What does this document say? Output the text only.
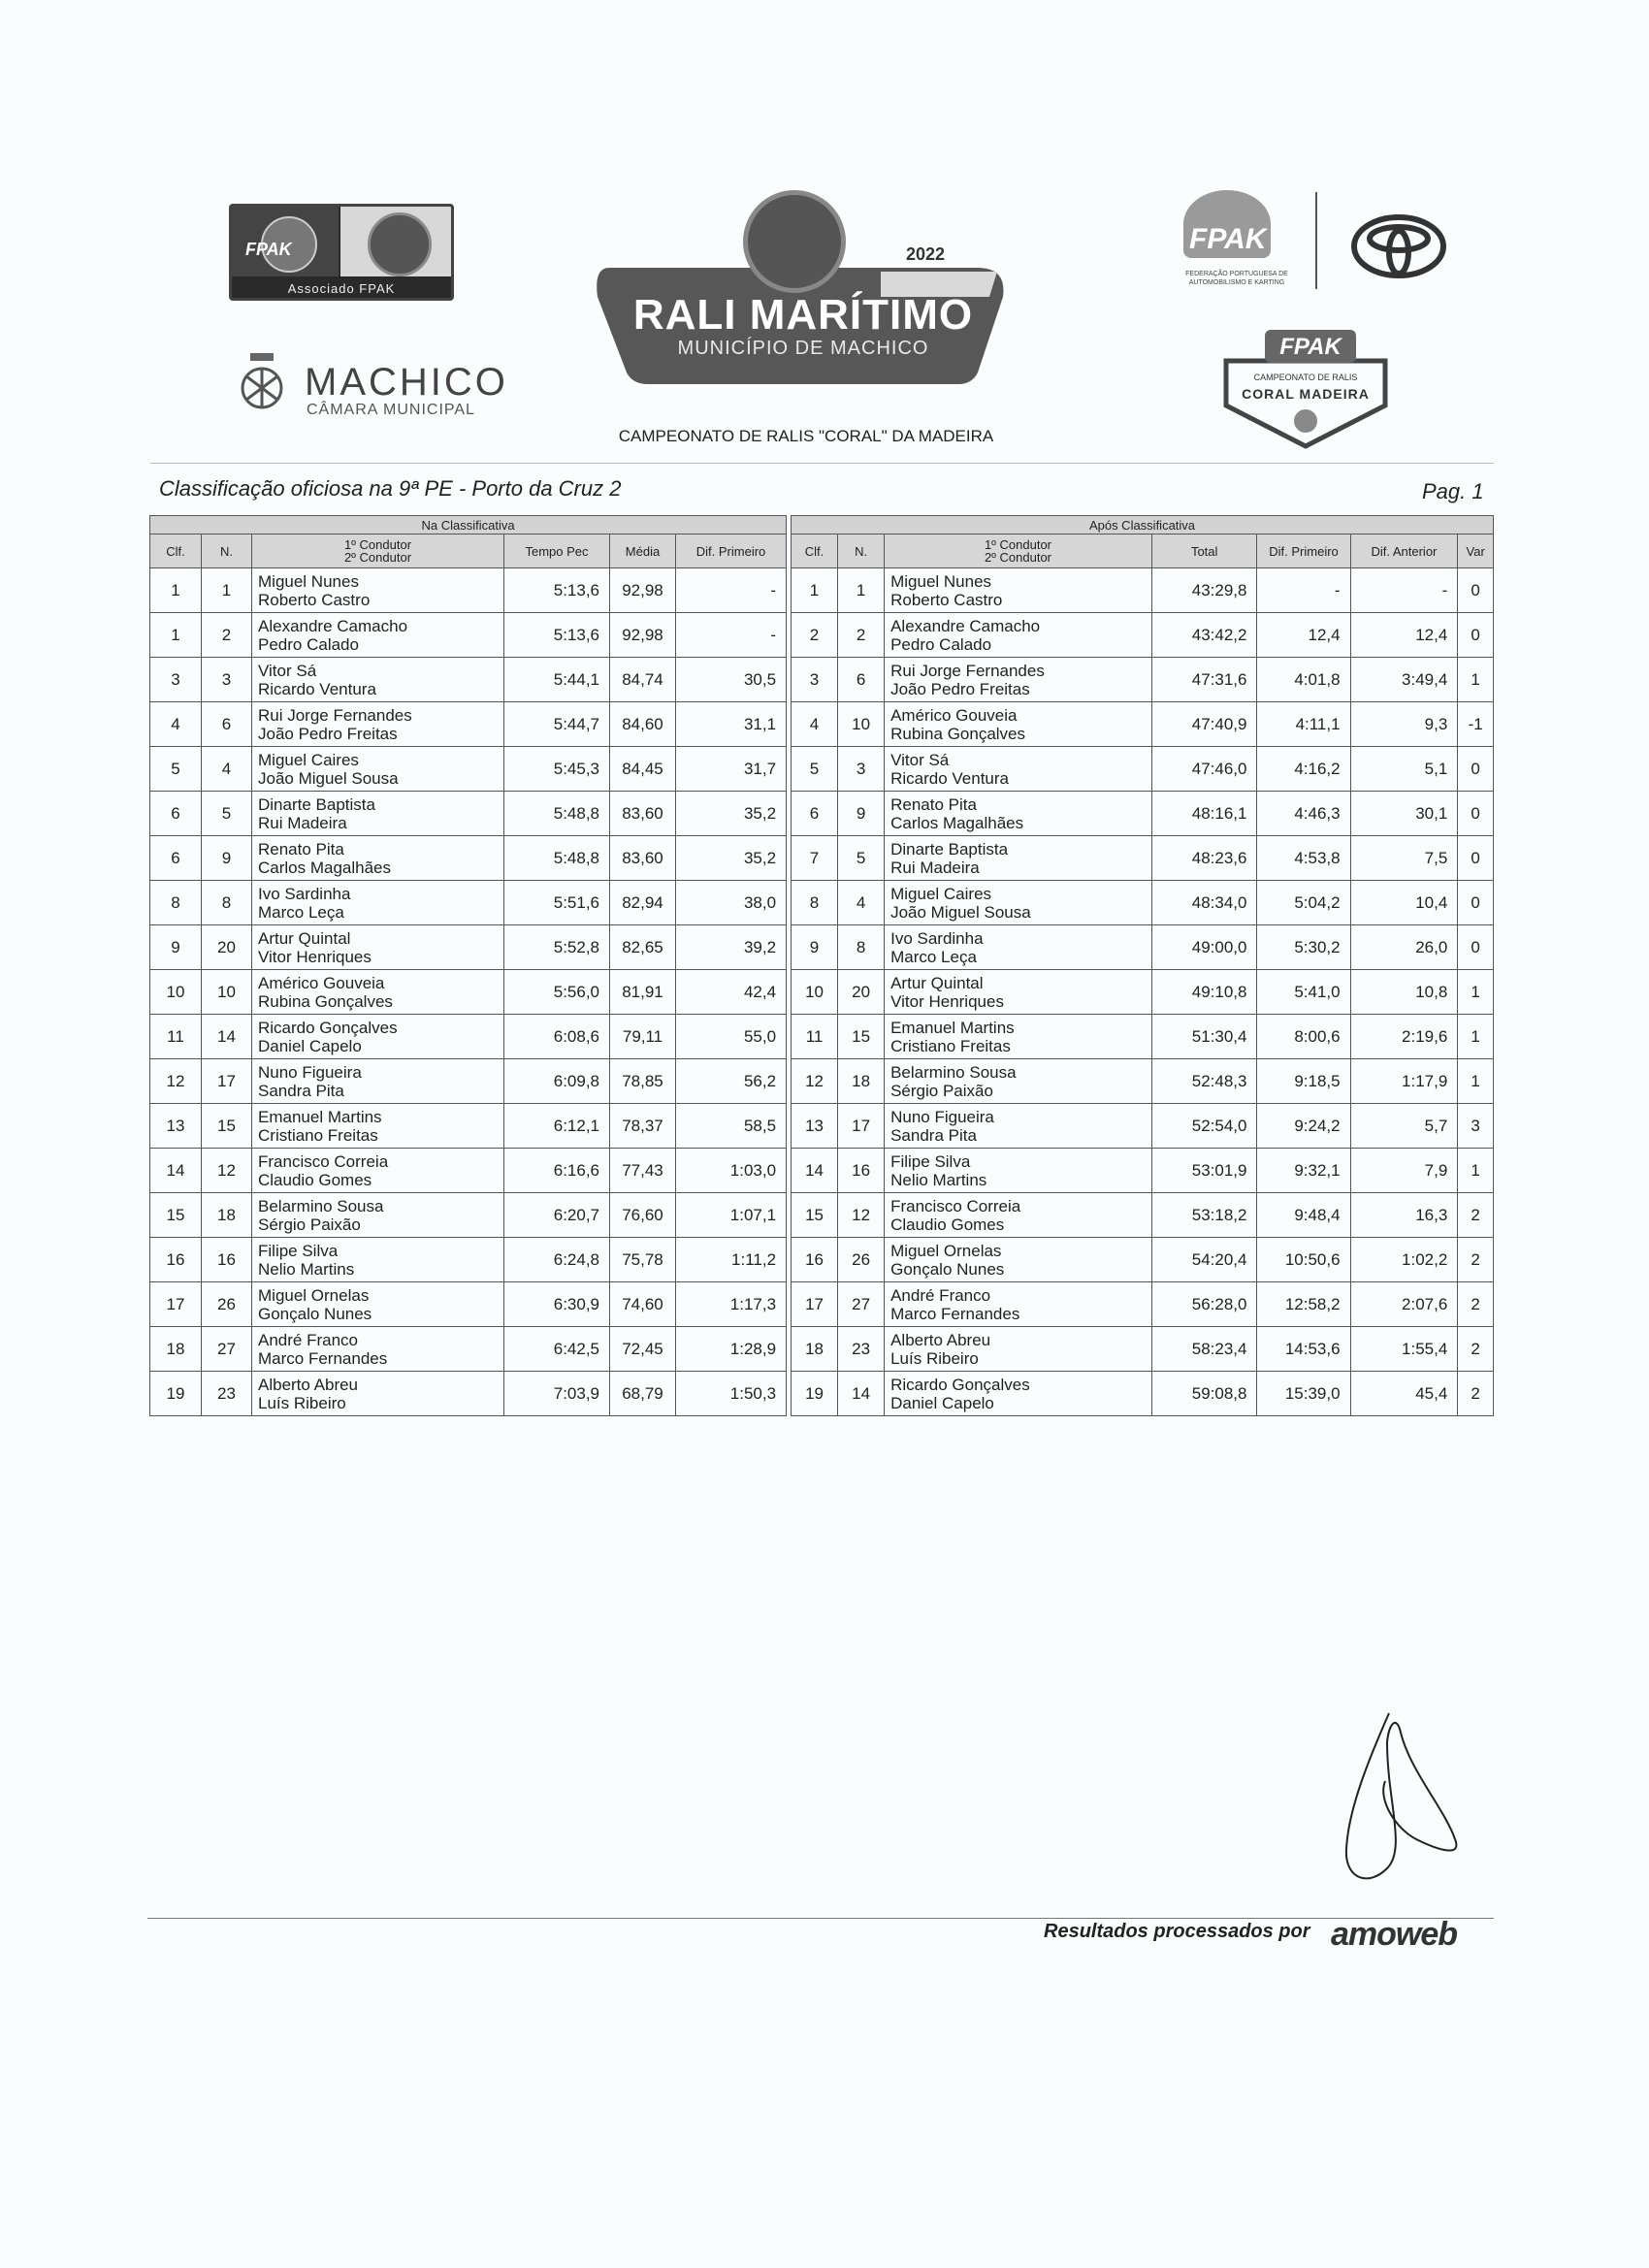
FPAK
Associado FPAK
MACHICO
CÂMARA MUNICIPAL
2022
RALI MARÍTIMO
MUNICÍPIO DE MACHICO
FPAK
FEDERAÇÃO PORTUGUESA DE AUTOMOBILISMO E KARTING
FPAK
CAMPEONATO DE RALIS
CORAL MADEIRA
CAMPEONATO DE RALIS "CORAL" DA MADEIRA
Classificação oficiosa na 9ª PE - Porto da Cruz 2	Pag. 1
Na Classificativa					
Clf.	N.	1º Condutor
2º Condutor	Tempo Pec	Média	Dif. Primeiro
1	1	Miguel Nunes
Roberto Castro	5:13,6	92,98	-
1	2	Alexandre Camacho
Pedro Calado	5:13,6	92,98	-
3	3	Vitor Sá
Ricardo Ventura	5:44,1	84,74	30,5
4	6	Rui Jorge Fernandes
João Pedro Freitas	5:44,7	84,60	31,1
5	4	Miguel Caires
João Miguel Sousa	5:45,3	84,45	31,7
6	5	Dinarte Baptista
Rui Madeira	5:48,8	83,60	35,2
6	9	Renato Pita
Carlos Magalhães	5:48,8	83,60	35,2
8	8	Ivo Sardinha
Marco Leça	5:51,6	82,94	38,0
9	20	Artur Quintal
Vitor Henriques	5:52,8	82,65	39,2
10	10	Américo Gouveia
Rubina Gonçalves	5:56,0	81,91	42,4
11	14	Ricardo Gonçalves
Daniel Capelo	6:08,6	79,11	55,0
12	17	Nuno Figueira
Sandra Pita	6:09,8	78,85	56,2
13	15	Emanuel Martins
Cristiano Freitas	6:12,1	78,37	58,5
14	12	Francisco Correia
Claudio Gomes	6:16,6	77,43	1:03,0
15	18	Belarmino Sousa
Sérgio Paixão	6:20,7	76,60	1:07,1
16	16	Filipe Silva
Nelio Martins	6:24,8	75,78	1:11,2
17	26	Miguel Ornelas
Gonçalo Nunes	6:30,9	74,60	1:17,3
18	27	André Franco
Marco Fernandes	6:42,5	72,45	1:28,9
19	23	Alberto Abreu
Luís Ribeiro	7:03,9	68,79	1:50,3
Após Classificativa						
Clf.	N.	1º Condutor
2º Condutor	Total	Dif. Primeiro	Dif. Anterior	Var
1	1	Miguel Nunes
Roberto Castro	43:29,8	-	-	0
2	2	Alexandre Camacho
Pedro Calado	43:42,2	12,4	12,4	0
3	6	Rui Jorge Fernandes
João Pedro Freitas	47:31,6	4:01,8	3:49,4	1
4	10	Américo Gouveia
Rubina Gonçalves	47:40,9	4:11,1	9,3	-1
5	3	Vitor Sá
Ricardo Ventura	47:46,0	4:16,2	5,1	0
6	9	Renato Pita
Carlos Magalhães	48:16,1	4:46,3	30,1	0
7	5	Dinarte Baptista
Rui Madeira	48:23,6	4:53,8	7,5	0
8	4	Miguel Caires
João Miguel Sousa	48:34,0	5:04,2	10,4	0
9	8	Ivo Sardinha
Marco Leça	49:00,0	5:30,2	26,0	0
10	20	Artur Quintal
Vitor Henriques	49:10,8	5:41,0	10,8	1
11	15	Emanuel Martins
Cristiano Freitas	51:30,4	8:00,6	2:19,6	1
12	18	Belarmino Sousa
Sérgio Paixão	52:48,3	9:18,5	1:17,9	1
13	17	Nuno Figueira
Sandra Pita	52:54,0	9:24,2	5,7	3
14	16	Filipe Silva
Nelio Martins	53:01,9	9:32,1	7,9	1
15	12	Francisco Correia
Claudio Gomes	53:18,2	9:48,4	16,3	2
16	26	Miguel Ornelas
Gonçalo Nunes	54:20,4	10:50,6	1:02,2	2
17	27	André Franco
Marco Fernandes	56:28,0	12:58,2	2:07,6	2
18	23	Alberto Abreu
Luís Ribeiro	58:23,4	14:53,6	1:55,4	2
19	14	Ricardo Gonçalves
Daniel Capelo	59:08,8	15:39,0	45,4	2
Resultados processados por amoweb
